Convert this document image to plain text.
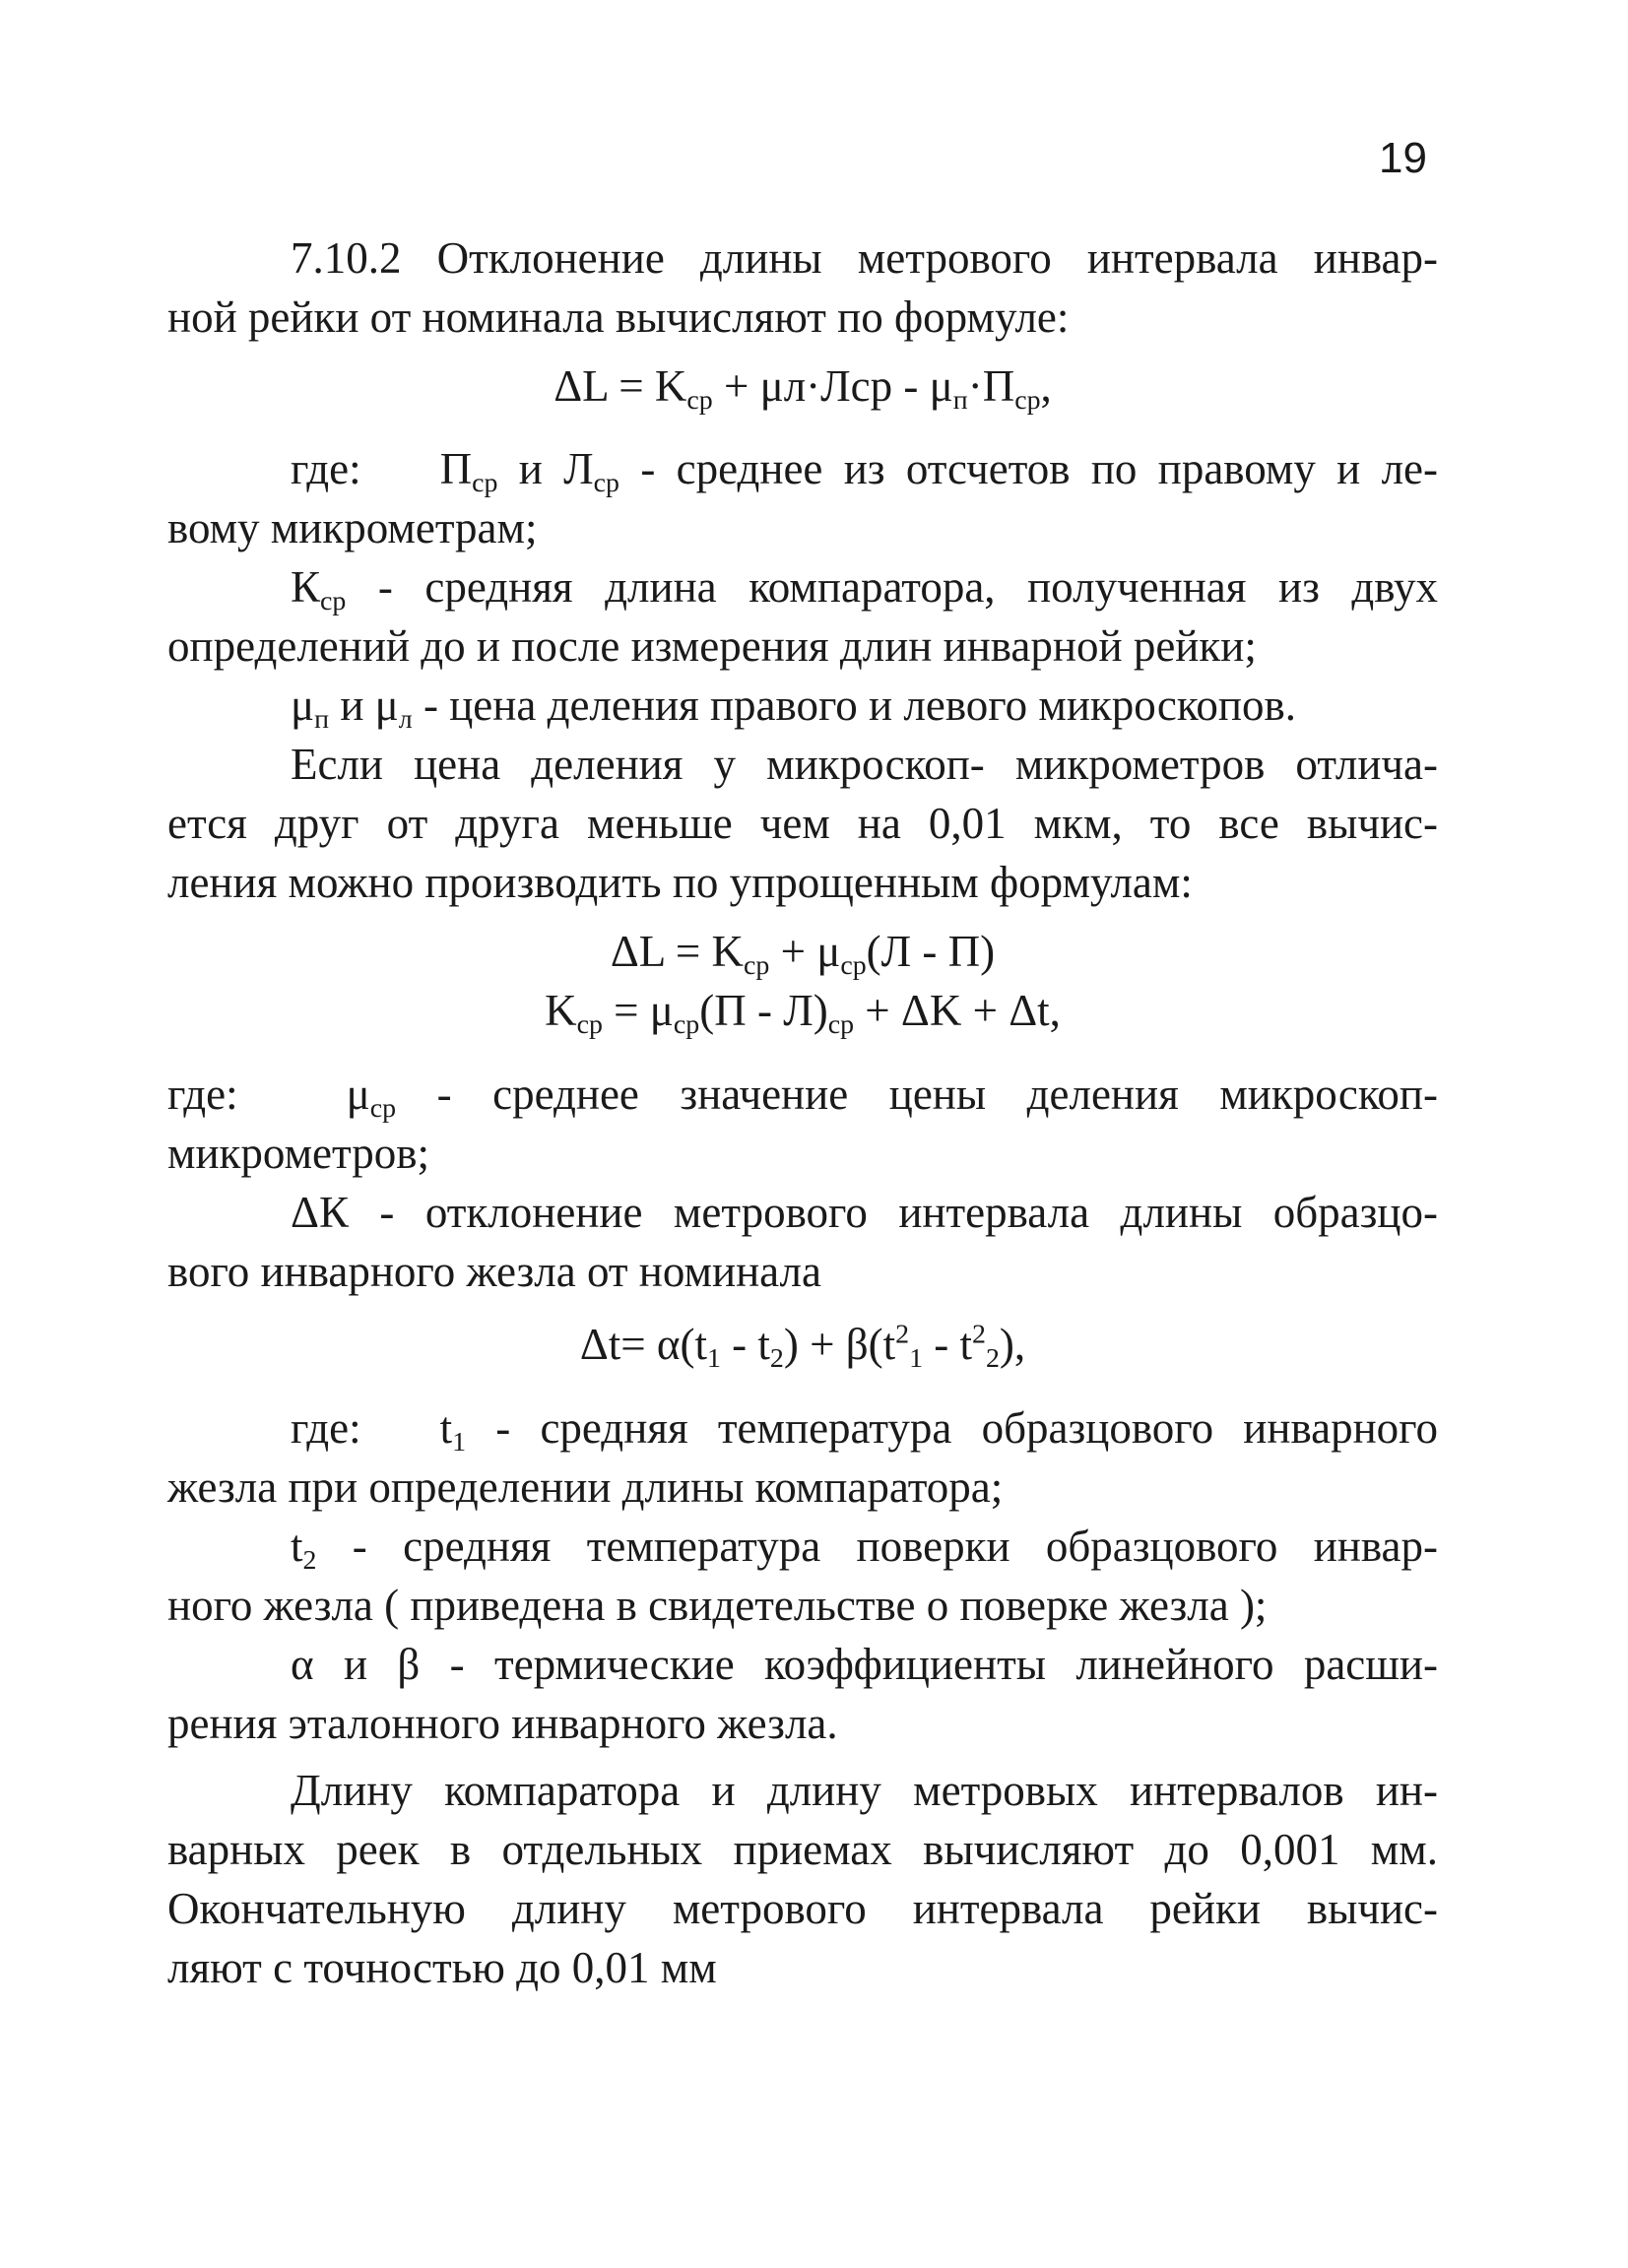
19
7.10.2 Отклонение длины метрового интервала инвар-
ной рейки от номинала вычисляют по формуле:
$\Delta L = K_{ср} + \mu л\cdot Лср - \mu_п\cdot П_{ср}$,
где: $П_{ср}$ и $Л_{ср}$ - среднее из отсчетов по правому и ле-
вому микрометрам;
$К_{ср}$ - средняя длина компаратора, полученная из двух
определений до и после измерения длин инварной рейки;
$\mu_п$ и $\mu_л$ - цена деления правого и левого микроскопов.
Если цена деления у микроскоп- микрометров отлича-
ется друг от друга меньше чем на 0,01 мкм, то все вычис-
ления можно производить по упрощенным формулам:
$\Delta L = K_{ср} + \mu_{ср}(Л - П)$
$K_{ср} = \mu_{ср}(П - Л)_{ср} + \Delta K + \Delta t$,
где: $\mu_{ср}$ - среднее значение цены деления микроскоп-
микрометров;
ΔК - отклонение метрового интервала длины образцо-
вого инварного жезла от номинала
$\Delta t= \alpha(t_1 - t_2) + \beta(t^2_1 - t^2_2)$,
где: $t_1$ - средняя температура образцового инварного
жезла при определении длины компаратора;
$t_2$ - средняя температура поверки образцового инвар-
ного жезла ( приведена в свидетельстве о поверке жезла );
α и β - термические коэффициенты линейного расши-
рения эталонного инварного жезла.
Длину компаратора и длину метровых интервалов ин-
варных реек в отдельных приемах вычисляют до 0,001 мм.
Окончательную длину метрового интервала рейки вычис-
ляют с точностью до 0,01 мм
